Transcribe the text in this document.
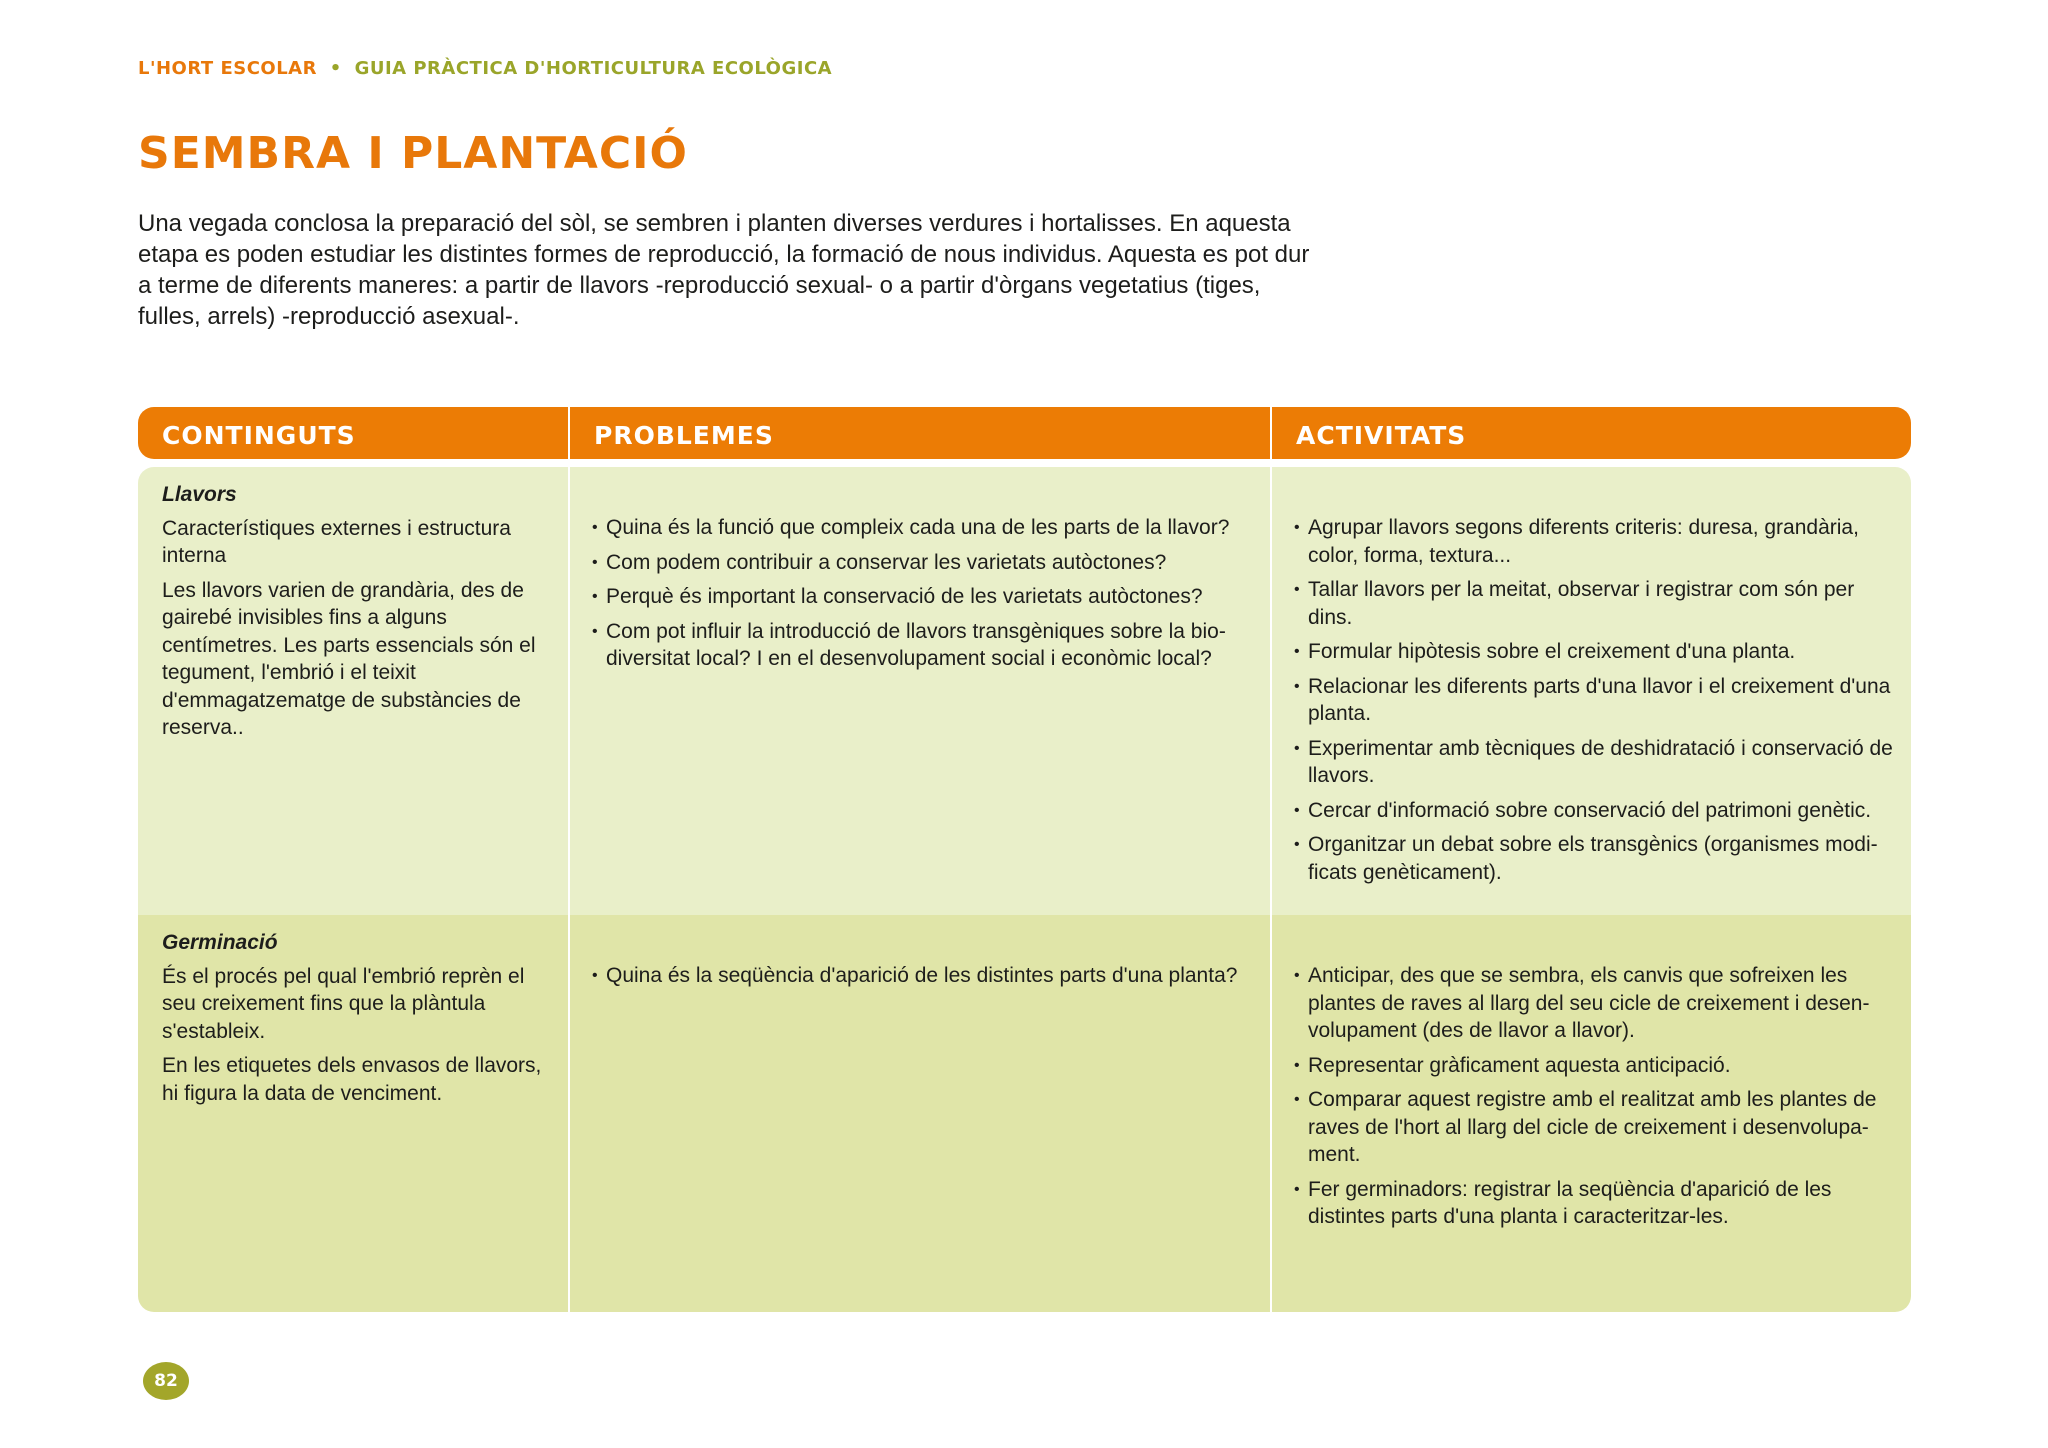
L'HORT ESCOLAR • GUIA PRÀCTICA D'HORTICULTURA ECOLÒGICA
SEMBRA I PLANTACIÓ

Una vegada conclosa la preparació del sòl, se sembren i planten diverses verdures i hortalisses. En aquesta etapa es poden estudiar les distintes formes de reproducció, la formació de nous individus. Aquesta es pot dur a terme de diferents maneres: a partir de llavors -reproducció sexual- o a partir d'òrgans vegetatius (tiges, fulles, arrels) -reproducció asexual-.

CONTINGUTS	PROBLEMES	ACTIVITATS
Llavors

Característiques externes i estructura interna

Les llavors varien de grandària, des de gairebé invisibles fins a alguns centímetres. Les parts essencials són el tegument, l'embrió i el teixit d'emmagatzematge de substàncies de reserva..

• Quina és la funció que compleix cada una de les parts de la llavor?
• Com podem contribuir a conservar les varietats autòctones?
• Perquè és important la conservació de les varietats autòctones?
• Com pot influir la introducció de llavors transgèniques sobre la bio-diversitat local? I en el desenvolupament social i econòmic local?
• Agrupar llavors segons diferents criteris: duresa, grandària, color, forma, textura...
• Tallar llavors per la meitat, observar i registrar com són per dins.
• Formular hipòtesis sobre el creixement d'una planta.
• Relacionar les diferents parts d'una llavor i el creixement d'una planta.
• Experimentar amb tècniques de deshidratació i conservació de llavors.
• Cercar d'informació sobre conservació del patrimoni genètic.
• Organitzar un debat sobre els transgènics (organismes modi-ficats genèticament).
Germinació

És el procés pel qual l'embrió reprèn el seu creixement fins que la plàntula s'estableix.

En les etiquetes dels envasos de llavors, hi figura la data de venciment.

• Quina és la seqüència d'aparició de les distintes parts d'una planta?
•	Anticipar, des que se sembra, els canvis que sofreixen les plantes de raves al llarg del seu cicle de creixement i desen-volupament (des de llavor a llavor).
• Representar gràficament aquesta anticipació.
• Comparar aquest registre amb el realitzat amb les plantes de raves de l'hort al llarg del cicle de creixement i desenvolupa-ment.
• Fer germinadors: registrar la seqüència d'aparició de les distintes parts d'una planta i caracteritzar-les.
82
